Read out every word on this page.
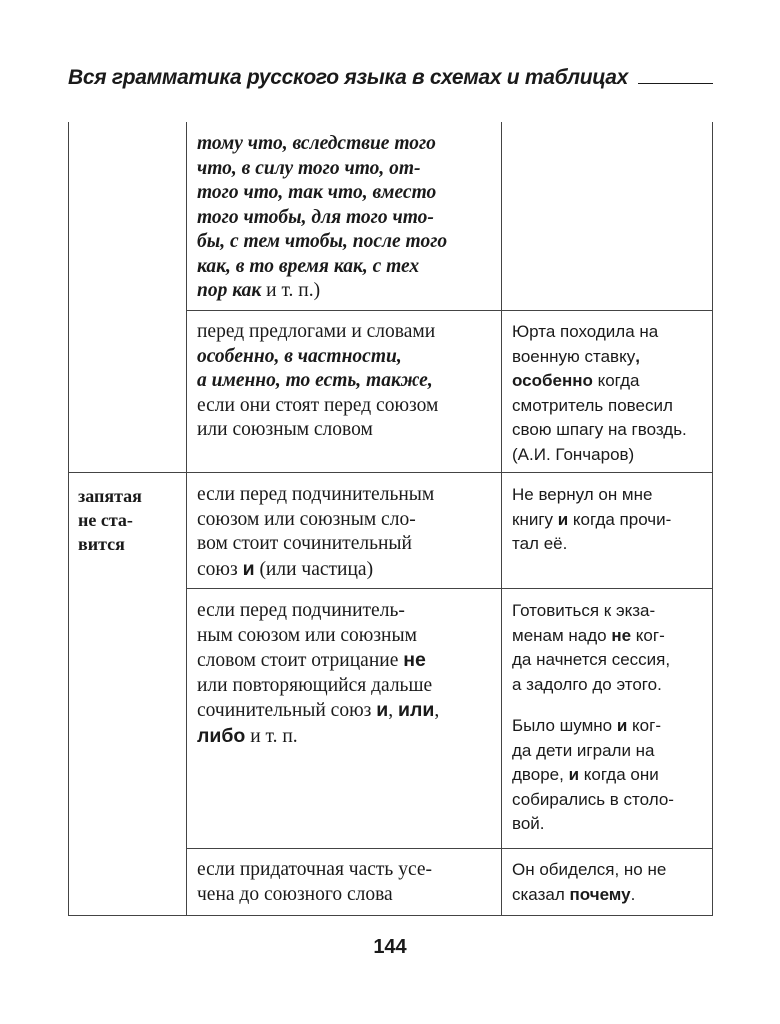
Вся грамматика русского языка в схемах и таблицах
тому что, вследствие того
что, в силу того что, от-
того что, так что, вместо
того чтобы, для того что-
бы, с тем чтобы, после того
как, в то время как, с тех
пор как и т. п.)
перед предлогами и словами
особенно, в частности,
а именно, то есть, также,
если они стоят перед союзом
или союзным словом
Юрта походила на
военную ставку,
особенно когда
смотритель повесил
свою шпагу на гвоздь.
(А.И. Гончаров)
запятая
не ста-
вится
если перед подчинительным
союзом или союзным сло-
вом стоит сочинительный
союз и (или частица)
Не вернул он мне
книгу и когда прочи-
тал её.
если перед подчинитель-
ным союзом или союзным
словом стоит отрицание не
или повторяющийся дальше
сочинительный союз и, или,
либо и т. п.
Готовиться к экза-
менам надо не ког-
да начнется сессия,
а задолго до этого.
Было шумно и ког-
да дети играли на
дворе, и когда они
собирались в столо-
вой.
если придаточная часть усе-
чена до союзного слова
Он обиделся, но не
сказал почему.
144
